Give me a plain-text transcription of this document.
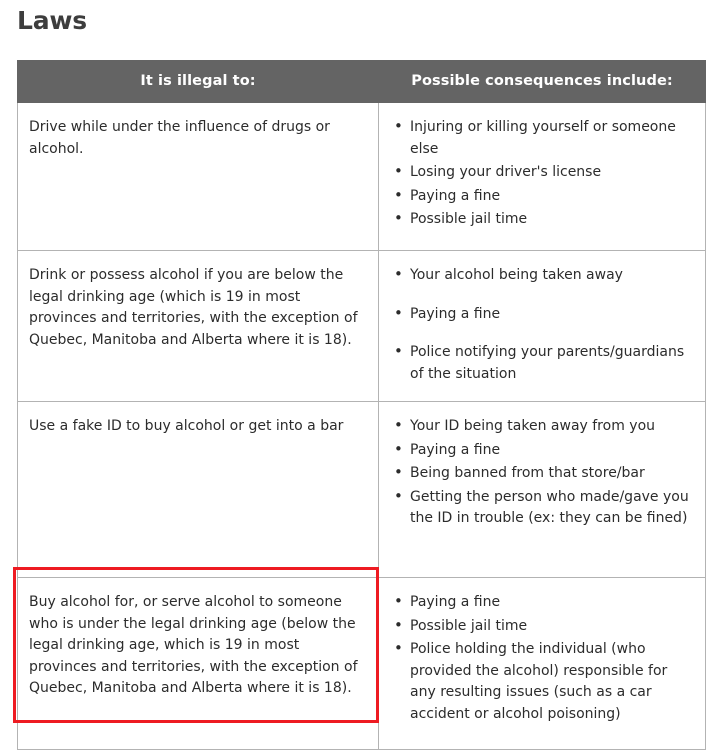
Laws
It is illegal to:	Possible consequences include:
Drive while under the influence of drugs or alcohol.	
• Injuring or killing yourself or someone else
• Losing your driver's license
• Paying a fine
• Possible jail time

Drink or possess alcohol if you are below the legal drinking age (which is 19 in most provinces and territories, with the exception of Quebec, Manitoba and Alberta where it is 18).	
• Your alcohol being taken away
• Paying a fine
• Police notifying your parents/guardians of the situation

Use a fake ID to buy alcohol or get into a bar	
•Your ID being taken away from you
• Paying a fine
• Being banned from that store/bar
• Getting the person who made/gave you the ID in trouble (ex: they can be fined)

Buy alcohol for, or serve alcohol to someone who is under the legal drinking age (below the legal drinking age, which is 19 in most provinces and territories, with the exception of Quebec, Manitoba and Alberta where it is 18).	
• Paying a fine
• Possible jail time
• Police holding the individual (who provided the alcohol) responsible for any resulting issues (such as a car accident or alcohol poisoning)
